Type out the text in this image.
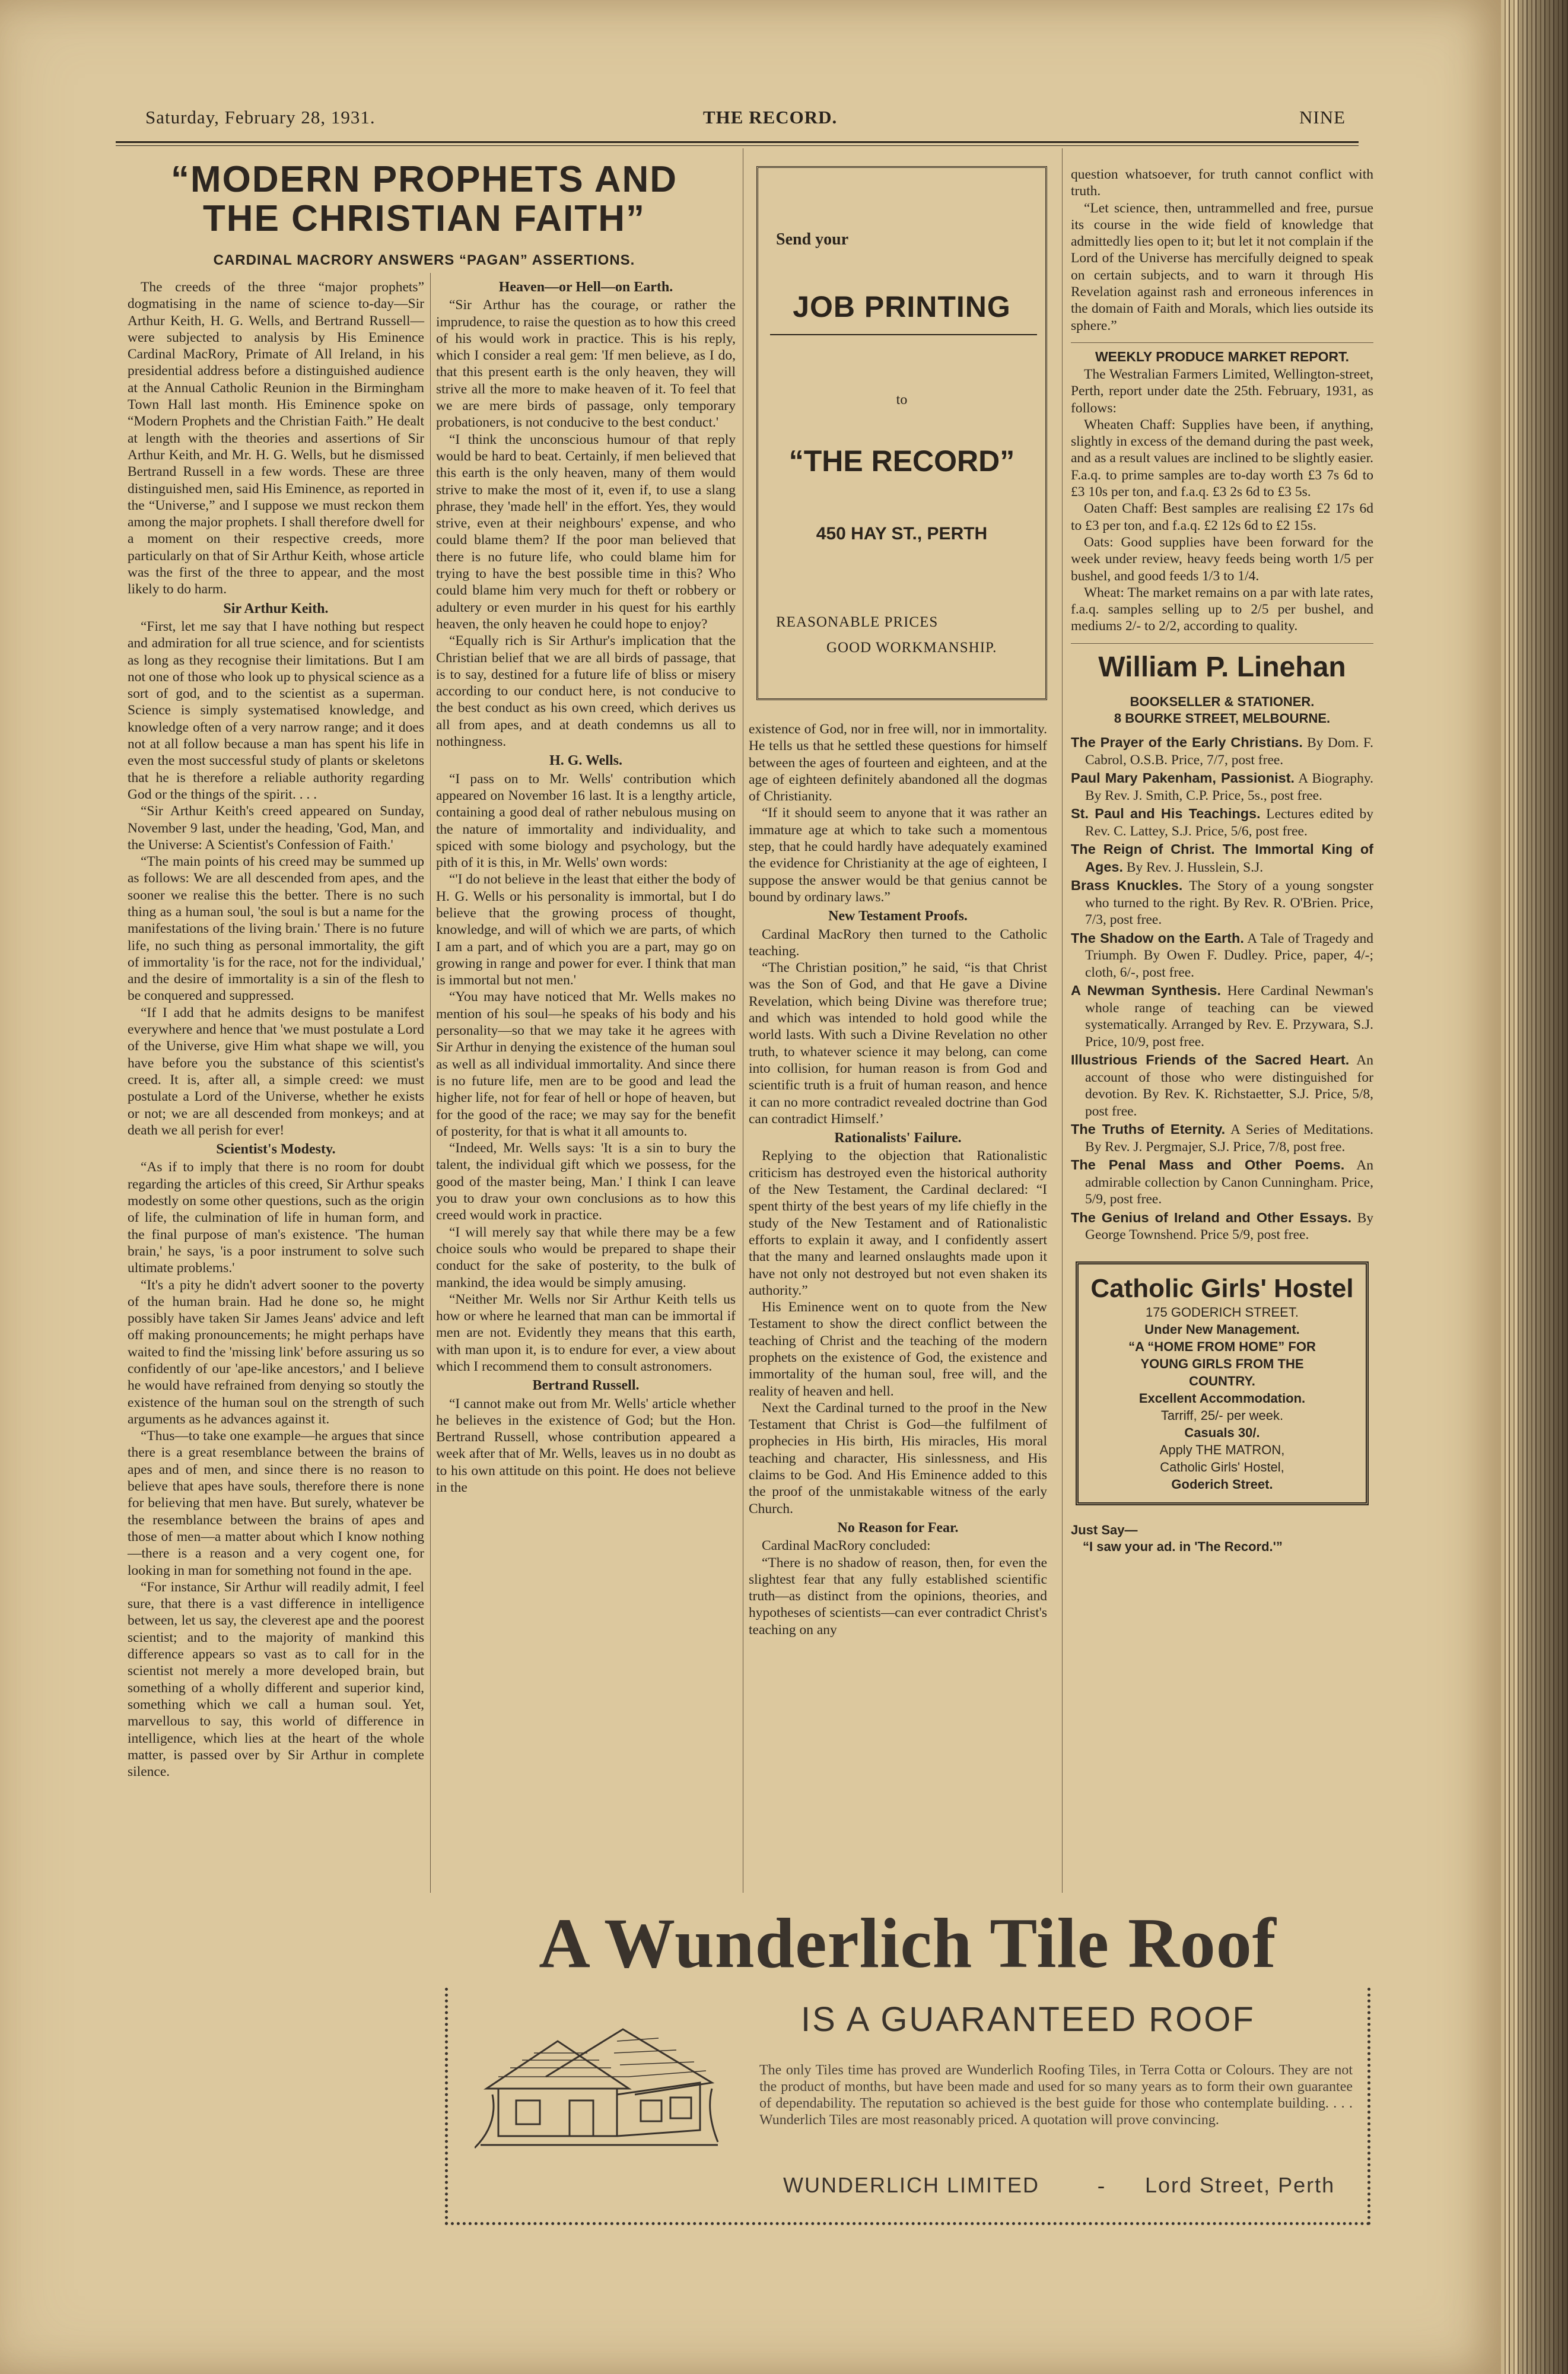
Saturday, February 28, 1931.	THE RECORD.	NINE
“MODERN PROPHETS AND
THE CHRISTIAN FAITH”
CARDINAL MACRORY ANSWERS “PAGAN” ASSERTIONS.

The creeds of the three “major prophets” dogmatising in the name of science to-day—Sir Arthur Keith, H. G. Wells, and Bertrand Russell—were subjected to analysis by His Eminence Cardinal MacRory, Primate of All Ireland, in his presidential address before a distinguished audience at the Annual Catholic Reunion in the Birmingham Town Hall last month. His Eminence spoke on “Modern Prophets and the Christian Faith.” He dealt at length with the theories and assertions of Sir Arthur Keith, and Mr. H. G. Wells, but he dismissed Bertrand Russell in a few words. These are three distinguished men, said His Eminence, as reported in the “Universe,” and I suppose we must reckon them among the major prophets. I shall therefore dwell for a moment on their respective creeds, more particularly on that of Sir Arthur Keith, whose article was the first of the three to appear, and the most likely to do harm.

Sir Arthur Keith.

“First, let me say that I have nothing but respect and admiration for all true science, and for scientists as long as they recognise their limitations. But I am not one of those who look up to physical science as a sort of god, and to the scientist as a superman. Science is simply systematised knowledge, and knowledge often of a very narrow range; and it does not at all follow because a man has spent his life in even the most successful study of plants or skeletons that he is therefore a reliable authority regarding God or the things of the spirit. . . .

“Sir Arthur Keith's creed appeared on Sunday, November 9 last, under the heading, 'God, Man, and the Universe: A Scientist's Confession of Faith.'

“The main points of his creed may be summed up as follows: We are all descended from apes, and the sooner we realise this the better. There is no such thing as a human soul, 'the soul is but a name for the manifestations of the living brain.' There is no future life, no such thing as personal immortality, the gift of immortality 'is for the race, not for the individual,' and the desire of immortality is a sin of the flesh to be conquered and suppressed.

“If I add that he admits designs to be manifest everywhere and hence that 'we must postulate a Lord of the Universe, give Him what shape we will, you have before you the substance of this scientist's creed. It is, after all, a simple creed: we must postulate a Lord of the Universe, whether he exists or not; we are all descended from monkeys; and at death we all perish for ever!

Scientist's Modesty.

“As if to imply that there is no room for doubt regarding the articles of this creed, Sir Arthur speaks modestly on some other questions, such as the origin of life, the culmination of life in human form, and the final purpose of man's existence. 'The human brain,' he says, 'is a poor instrument to solve such ultimate problems.'

“It's a pity he didn't advert sooner to the poverty of the human brain. Had he done so, he might possibly have taken Sir James Jeans' advice and left off making pronouncements; he might perhaps have waited to find the 'missing link' before assuring us so confidently of our 'ape-like ancestors,' and I believe he would have refrained from denying so stoutly the existence of the human soul on the strength of such arguments as he advances against it.

“Thus—to take one example—he argues that since there is a great resemblance between the brains of apes and of men, and since there is no reason to believe that apes have souls, therefore there is none for believing that men have. But surely, whatever be the resemblance between the brains of apes and those of men—a matter about which I know nothing—there is a reason and a very cogent one, for looking in man for something not found in the ape.

“For instance, Sir Arthur will readily admit, I feel sure, that there is a vast difference in intelligence between, let us say, the cleverest ape and the poorest scientist; and to the majority of mankind this difference appears so vast as to call for in the scientist not merely a more developed brain, but something of a wholly different and superior kind, something which we call a human soul. Yet, marvellous to say, this world of difference in intelligence, which lies at the heart of the whole matter, is passed over by Sir Arthur in complete silence.

Heaven—or Hell—on Earth.

“Sir Arthur has the courage, or rather the imprudence, to raise the question as to how this creed of his would work in practice. This is his reply, which I consider a real gem: 'If men believe, as I do, that this present earth is the only heaven, they will strive all the more to make heaven of it. To feel that we are mere birds of passage, only temporary probationers, is not conducive to the best conduct.'

“I think the unconscious humour of that reply would be hard to beat. Certainly, if men believed that this earth is the only heaven, many of them would strive to make the most of it, even if, to use a slang phrase, they 'made hell' in the effort. Yes, they would strive, even at their neighbours' expense, and who could blame them? If the poor man believed that there is no future life, who could blame him for trying to have the best possible time in this? Who could blame him very much for theft or robbery or adultery or even murder in his quest for his earthly heaven, the only heaven he could hope to enjoy?

“Equally rich is Sir Arthur's implication that the Christian belief that we are all birds of passage, that is to say, destined for a future life of bliss or misery according to our conduct here, is not conducive to the best conduct as his own creed, which derives us all from apes, and at death condemns us all to nothingness.

H. G. Wells.

“I pass on to Mr. Wells' contribution which appeared on November 16 last. It is a lengthy article, containing a good deal of rather nebulous musing on the nature of immortality and individuality, and spiced with some biology and psychology, but the pith of it is this, in Mr. Wells' own words:

“'I do not believe in the least that either the body of H. G. Wells or his personality is immortal, but I do believe that the growing process of thought, knowledge, and will of which we are parts, of which I am a part, and of which you are a part, may go on growing in range and power for ever. I think that man is immortal but not men.'

“You may have noticed that Mr. Wells makes no mention of his soul—he speaks of his body and his personality—so that we may take it he agrees with Sir Arthur in denying the existence of the human soul as well as all individual immortality. And since there is no future life, men are to be good and lead the higher life, not for fear of hell or hope of heaven, but for the good of the race; we may say for the benefit of posterity, for that is what it all amounts to.

“Indeed, Mr. Wells says: 'It is a sin to bury the talent, the individual gift which we possess, for the good of the master being, Man.' I think I can leave you to draw your own conclusions as to how this creed would work in practice.

“I will merely say that while there may be a few choice souls who would be prepared to shape their conduct for the sake of posterity, to the bulk of mankind, the idea would be simply amusing.

“Neither Mr. Wells nor Sir Arthur Keith tells us how or where he learned that man can be immortal if men are not. Evidently they means that this earth, with man upon it, is to endure for ever, a view about which I recommend them to consult astronomers.

Bertrand Russell.

“I cannot make out from Mr. Wells' article whether he believes in the existence of God; but the Hon. Bertrand Russell, whose contribution appeared a week after that of Mr. Wells, leaves us in no doubt as to his own attitude on this point. He does not believe in the

Send your
JOB PRINTING
to
“THE RECORD”
450 HAY ST., PERTH
REASONABLE PRICES
GOOD WORKMANSHIP.

existence of God, nor in free will, nor in immortality. He tells us that he settled these questions for himself between the ages of fourteen and eighteen, and at the age of eighteen definitely abandoned all the dogmas of Christianity.

“If it should seem to anyone that it was rather an immature age at which to take such a momentous step, that he could hardly have adequately examined the evidence for Christianity at the age of eighteen, I suppose the answer would be that genius cannot be bound by ordinary laws.”

New Testament Proofs.

Cardinal MacRory then turned to the Catholic teaching.

“The Christian position,” he said, “is that Christ was the Son of God, and that He gave a Divine Revelation, which being Divine was therefore true; and which was intended to hold good while the world lasts. With such a Divine Revelation no other truth, to whatever science it may belong, can come into collision, for human reason is from God and scientific truth is a fruit of human reason, and hence it can no more contradict revealed doctrine than God can contradict Himself.’

Rationalists' Failure.

Replying to the objection that Rationalistic criticism has destroyed even the historical authority of the New Testament, the Cardinal declared: “I spent thirty of the best years of my life chiefly in the study of the New Testament and of Rationalistic efforts to explain it away, and I confidently assert that the many and learned onslaughts made upon it have not only not destroyed but not even shaken its authority.”

His Eminence went on to quote from the New Testament to show the direct conflict between the teaching of Christ and the teaching of the modern prophets on the existence of God, the existence and immortality of the human soul, free will, and the reality of heaven and hell.

Next the Cardinal turned to the proof in the New Testament that Christ is God—the fulfilment of prophecies in His birth, His miracles, His moral teaching and character, His sinlessness, and His claims to be God. And His Eminence added to this the proof of the unmistakable witness of the early Church.

No Reason for Fear.

Cardinal MacRory concluded:

“There is no shadow of reason, then, for even the slightest fear that any fully established scientific truth—as distinct from the opinions, theories, and hypotheses of scientists—can ever contradict Christ's teaching on any

question whatsoever, for truth cannot conflict with truth.

“Let science, then, untrammelled and free, pursue its course in the wide field of knowledge that admittedly lies open to it; but let it not complain if the Lord of the Universe has mercifully deigned to speak on certain subjects, and to warn it through His Revelation against rash and erroneous inferences in the domain of Faith and Morals, which lies outside its sphere.”

WEEKLY PRODUCE MARKET REPORT.

The Westralian Farmers Limited, Wellington-street, Perth, report under date the 25th. February, 1931, as follows:

Wheaten Chaff: Supplies have been, if anything, slightly in excess of the demand during the past week, and as a result values are inclined to be slightly easier. F.a.q. to prime samples are to-day worth £3 7s 6d to £3 10s per ton, and f.a.q. £3 2s 6d to £3 5s.

Oaten Chaff: Best samples are realising £2 17s 6d to £3 per ton, and f.a.q. £2 12s 6d to £2 15s.

Oats: Good supplies have been forward for the week under review, heavy feeds being worth 1/5 per bushel, and good feeds 1/3 to 1/4.

Wheat: The market remains on a par with late rates, f.a.q. samples selling up to 2/5 per bushel, and mediums 2/- to 2/2, according to quality.

William P. Linehan
BOOKSELLER & STATIONER.
8 BOURKE STREET, MELBOURNE.
The Prayer of the Early Christians. By Dom. F. Cabrol, O.S.B. Price, 7/7, post free.
Paul Mary Pakenham, Passionist. A Biography. By Rev. J. Smith, C.P. Price, 5s., post free.
St. Paul and His Teachings. Lectures edited by Rev. C. Lattey, S.J. Price, 5/6, post free.
The Reign of Christ. The Immortal King of Ages. By Rev. J. Husslein, S.J.
Brass Knuckles. The Story of a young songster who turned to the right. By Rev. R. O'Brien. Price, 7/3, post free.
The Shadow on the Earth. A Tale of Tragedy and Triumph. By Owen F. Dudley. Price, paper, 4/-; cloth, 6/-, post free.
A Newman Synthesis. Here Cardinal Newman's whole range of teaching can be viewed systematically. Arranged by Rev. E. Przywara, S.J. Price, 10/9, post free.
Illustrious Friends of the Sacred Heart. An account of those who were distinguished for devotion. By Rev. K. Richstaetter, S.J. Price, 5/8, post free.
The Truths of Eternity. A Series of Meditations. By Rev. J. Pergmajer, S.J. Price, 7/8, post free.
The Penal Mass and Other Poems. An admirable collection by Canon Cunningham. Price, 5/9, post free.
The Genius of Ireland and Other Essays. By George Townshend. Price 5/9, post free.
Catholic Girls' Hostel
175 GODERICH STREET.
Under New Management.
“A “HOME FROM HOME” FOR
YOUNG GIRLS FROM THE
COUNTRY.
Excellent Accommodation.
Tarriff, 25/- per week.
Casuals 30/.
Apply THE MATRON,
Catholic Girls' Hostel,
Goderich Street.
Just Say—
“I saw your ad. in 'The Record.'”
A Wunderlich Tile Roof
IS A GUARANTEED ROOF
The only Tiles time has proved are Wunderlich Roofing Tiles, in Terra Cotta or Colours. They are not the product of months, but have been made and used for so many years as to form their own guarantee of dependability. The reputation so achieved is the best guide for those who contemplate building. . . . Wunderlich Tiles are most reasonably priced. A quotation will prove convincing.
WUNDERLICH LIMITED	- Lord Street, Perth
